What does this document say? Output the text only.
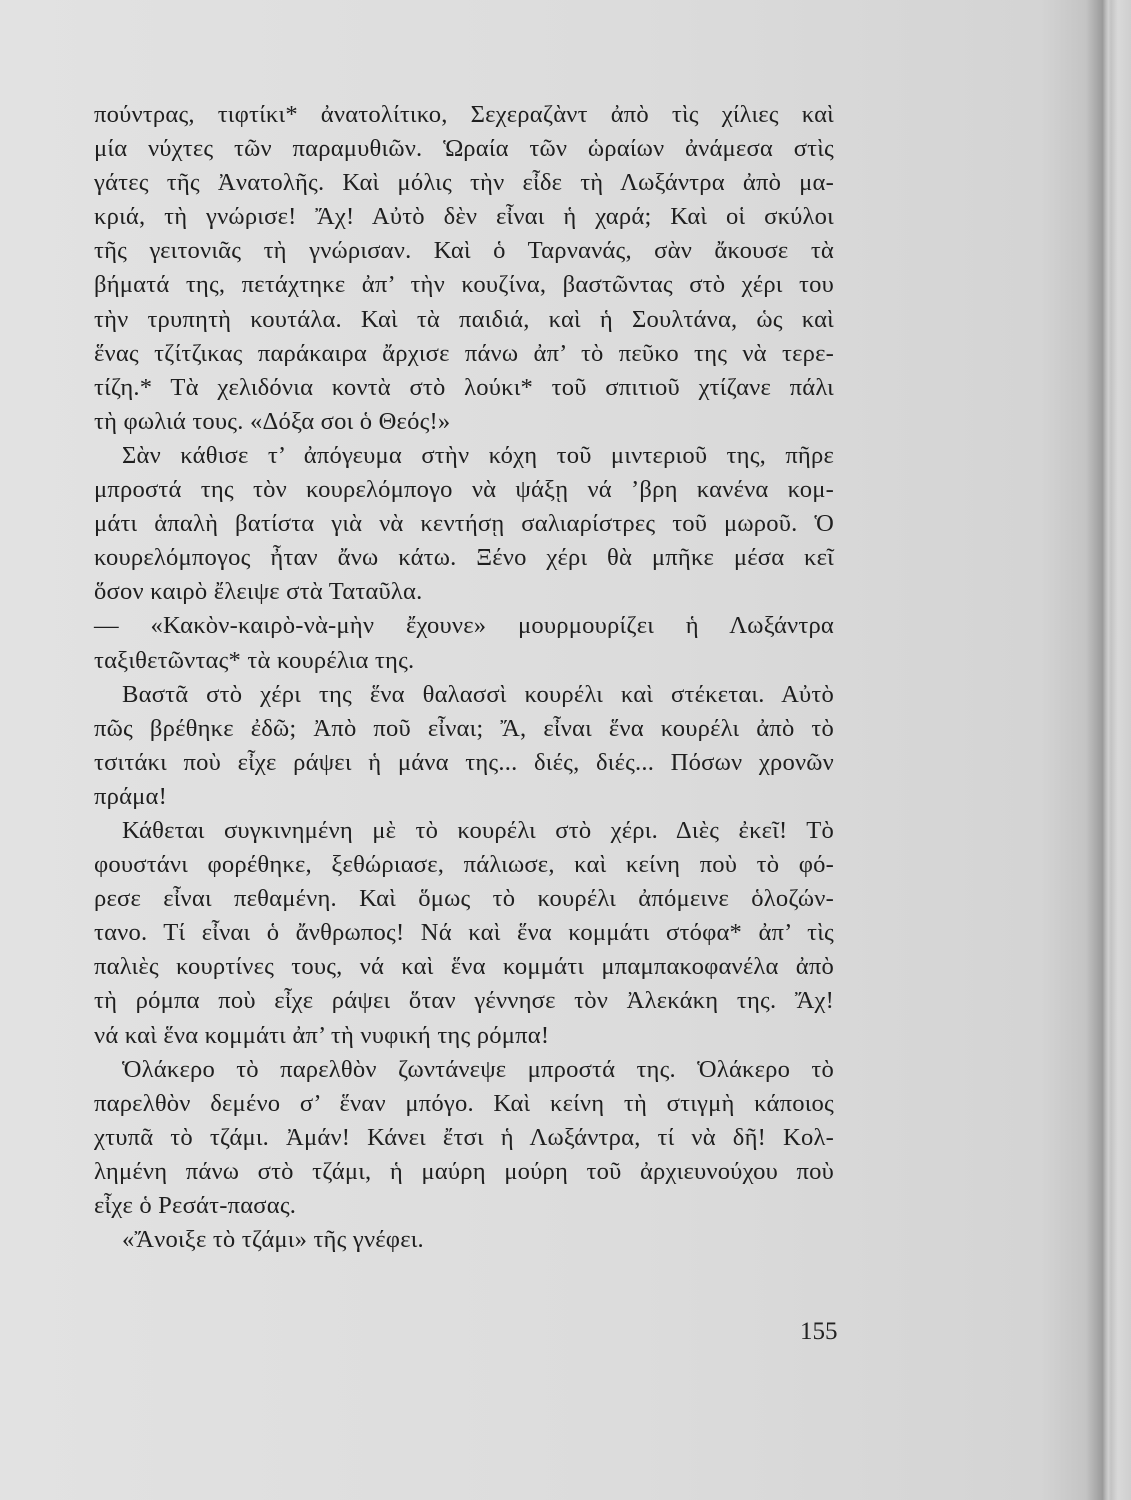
πούντρας, τιφτίκι* ἀνατολίτικο, Σεχεραζὰντ ἀπὸ τὶς χίλιες καὶ
μία νύχτες τῶν παραμυθιῶν. Ὡραία τῶν ὡραίων ἀνάμεσα στὶς
γάτες τῆς Ἀνατολῆς. Καὶ μόλις τὴν εἶδε τὴ Λωξάντρα ἀπὸ μα-
κριά, τὴ γνώρισε! Ἄχ! Αὐτὸ δὲν εἶναι ἡ χαρά; Καὶ οἱ σκύλοι
τῆς γειτονιᾶς τὴ γνώρισαν. Καὶ ὁ Ταρνανάς, σὰν ἄκουσε τὰ
βήματά της, πετάχτηκε ἀπ’ τὴν κουζίνα, βαστῶντας στὸ χέρι του
τὴν τρυπητὴ κουτάλα. Καὶ τὰ παιδιά, καὶ ἡ Σουλτάνα, ὡς καὶ
ἕνας τζίτζικας παράκαιρα ἄρχισε πάνω ἀπ’ τὸ πεῦκο της νὰ τερε-
τίζη.* Τὰ χελιδόνια κοντὰ στὸ λούκι* τοῦ σπιτιοῦ χτίζανε πάλι
τὴ φωλιά τους. «Δόξα σοι ὁ Θεός!»
Σὰν κάθισε τ’ ἀπόγευμα στὴν κόχη τοῦ μιντεριοῦ της, πῆρε
μπροστά της τὸν κουρελόμπογο νὰ ψάξῃ νά ’βρη κανένα κομ-
μάτι ἁπαλὴ βατίστα γιὰ νὰ κεντήσῃ σαλιαρίστρες τοῦ μωροῦ. Ὁ
κουρελόμπογος ἦταν ἄνω κάτω. Ξένο χέρι θὰ μπῆκε μέσα κεῖ
ὅσον καιρὸ ἔλειψε στὰ Ταταῦλα.
— «Κακὸν-καιρὸ-νὰ-μὴν ἔχουνε» μουρμουρίζει ἡ Λωξάντρα
ταξιθετῶντας* τὰ κουρέλια της.
Βαστᾶ στὸ χέρι της ἕνα θαλασσὶ κουρέλι καὶ στέκεται. Αὐτὸ
πῶς βρέθηκε ἐδῶ; Ἀπὸ ποῦ εἶναι; Ἄ, εἶναι ἕνα κουρέλι ἀπὸ τὸ
τσιτάκι ποὺ εἶχε ράψει ἡ μάνα της... διές, διές... Πόσων χρονῶν
πράμα!
Κάθεται συγκινημένη μὲ τὸ κουρέλι στὸ χέρι. Διὲς ἐκεῖ! Τὸ
φουστάνι φορέθηκε, ξεθώριασε, πάλιωσε, καὶ κείνη ποὺ τὸ φό-
ρεσε εἶναι πεθαμένη. Καὶ ὅμως τὸ κουρέλι ἀπόμεινε ὁλοζών-
τανο. Τί εἶναι ὁ ἄνθρωπος! Νά καὶ ἕνα κομμάτι στόφα* ἀπ’ τὶς
παλιὲς κουρτίνες τους, νά καὶ ἕνα κομμάτι μπαμπακοφανέλα ἀπὸ
τὴ ρόμπα ποὺ εἶχε ράψει ὅταν γέννησε τὸν Ἀλεκάκη της. Ἄχ!
νά καὶ ἕνα κομμάτι ἀπ’ τὴ νυφική της ρόμπα!
Ὁλάκερο τὸ παρελθὸν ζωντάνεψε μπροστά της. Ὁλάκερο τὸ
παρελθὸν δεμένο σ’ ἕναν μπόγο. Καὶ κείνη τὴ στιγμὴ κάποιος
χτυπᾶ τὸ τζάμι. Ἀμάν! Κάνει ἔτσι ἡ Λωξάντρα, τί νὰ δῆ! Κολ-
λημένη πάνω στὸ τζάμι, ἡ μαύρη μούρη τοῦ ἀρχιευνούχου ποὺ
εἶχε ὁ Ρεσάτ-πασας.
«Ἄνοιξε τὸ τζάμι» τῆς γνέφει.
155
